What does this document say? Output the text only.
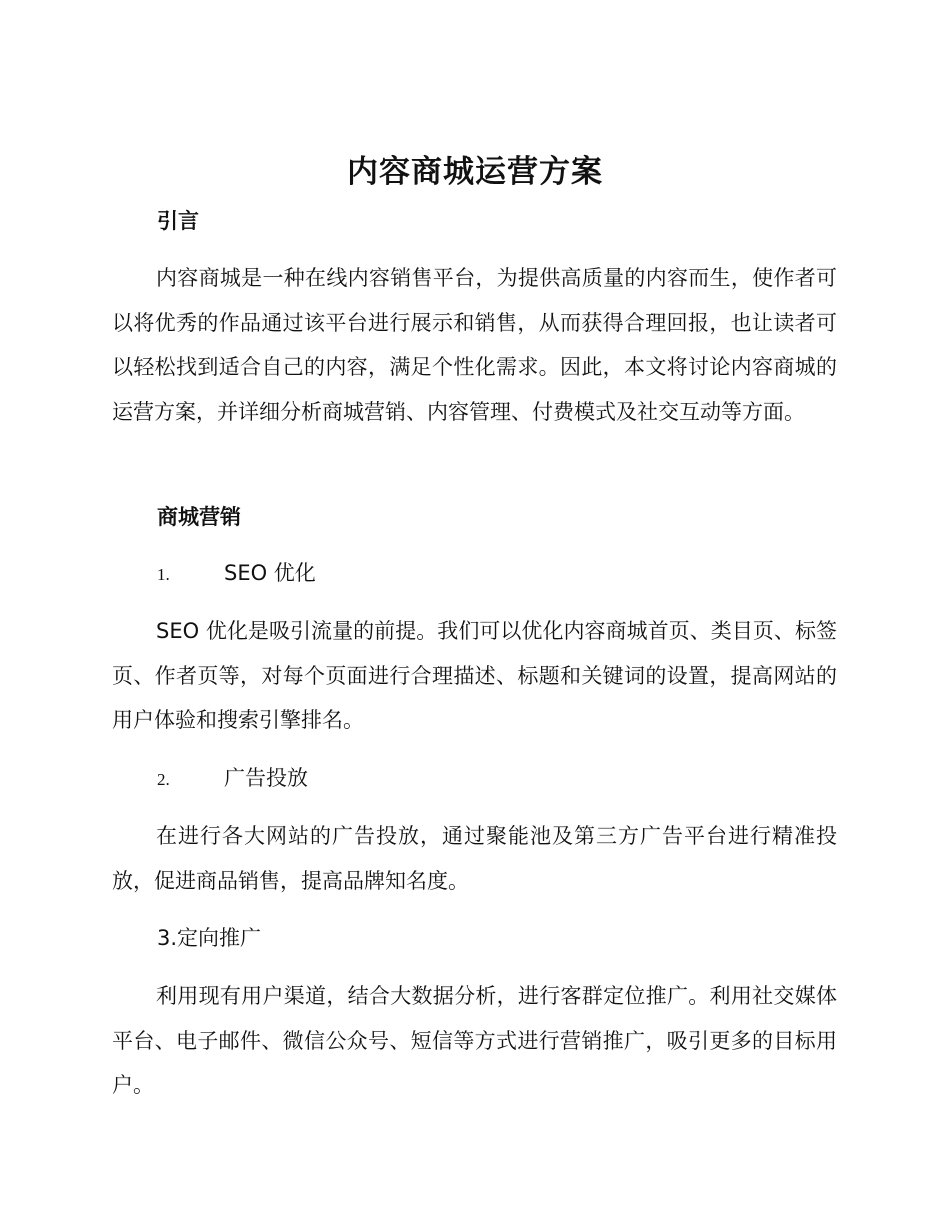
内容商城运营方案
引言

内容商城是一种在线内容销售平台，为提供高质量的内容而生，使作者可以将优秀的作品通过该平台进行展示和销售，从而获得合理回报，也让读者可以轻松找到适合自己的内容，满足个性化需求。因此，本文将讨论内容商城的运营方案，并详细分析商城营销、内容管理、付费模式及社交互动等方面。

商城营销
1.	SEO 优化

SEO 优化是吸引流量的前提。我们可以优化内容商城首页、类目页、标签页、作者页等，对每个页面进行合理描述、标题和关键词的设置，提高网站的用户体验和搜索引擎排名。

2.	广告投放

在进行各大网站的广告投放，通过聚能池及第三方广告平台进行精准投放，促进商品销售，提高品牌知名度。

3.定向推广

利用现有用户渠道，结合大数据分析，进行客群定位推广。利用社交媒体平台、电子邮件、微信公众号、短信等方式进行营销推广，吸引更多的目标用户。
